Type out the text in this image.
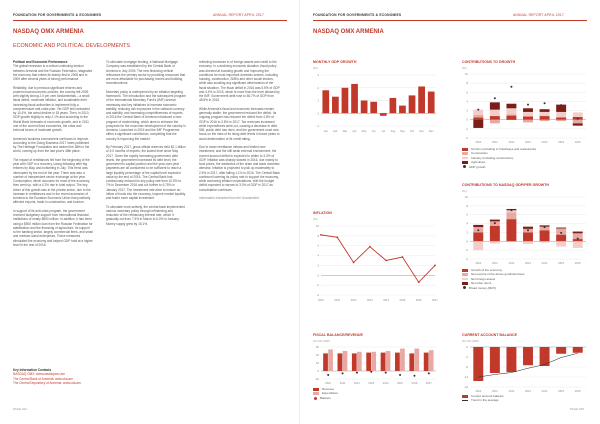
FOUNDATION FOR GOVERNMENTS & ECONOMIES	ANNUAL REPORT APRIL 2017
NASDAQ OMX ARMENIA
ECONOMIC AND POLITICAL DEVELOPMENTS

Political and Economic Performance
The global recession is a critical continuing tension between Armenia and the Russian Federation, stagnated the economy that enters its twenty-first in 2008 and in 2009 after several years of strong performance.

Reliability, due to previous significant reforms and prudent macroeconomic policies, the country left 2009 with slightly strong 2.9 per cent fundamentals – a small fiscal deficit, moderate inflation, and sustainable debt increasing fiscal authorities to implement fully a comprehensive anti-crisis plan. Yet GDP still contracted by 14.4%, the worst decline in 18 years. Then, in 2010, GDP growth slightly to only 2.1% and according to the World Bank forecasts of economic growth, and in 2011 one of the current fixed economies, the crisis and external forces of moderate growth.

Armenia’s business environment continues to improve. According to the Doing Business 2017 index published by The Heritage Foundation and ranked the 38th in the world, coming up from the last year’s 48th place.

The impact of remittances fell from the beginning of the year with GDP in a recovery, losing following after big reforms by May, and bottoming in July. This trend was interrupted by the end of the year. There was also a number of independent sector exchange at the year. Consumption, which accounts for most of the economy, then went up, with a 4.3% rise in total output. The key driver of this growth was in the private sector, due to the increase in remittances and in the recent accession of Armenia to the Eurasian Economic Union that positively affected exports, trade in construction, and tourism.

In support of its anti-crisis program, the government received budgetary support from international financial institutions of nearly $850 million. In addition, it has been using a $500 million loan from the Russian Federation for stabilization and the financing of agriculture. Its support to the banking sector, largely commercial firms, and small and medium-sized enterprises. These measures stimulated the economy and helped GDP hold at a higher level in the rest of 2016.

To stimulate mortgage lending, a National Mortgage Company was established by the Central Bank of Armenia in July 2009. The new financing vehicle refinances the primary sector by providing resources that are more affordable for purchasing homes and building reconstructions.

Monetary policy is underpinned by an inflation targeting framework. The introduction and the subsequent program of the International Monetary Fund’s (IMF) several necessary and key initiatives to increase economic stability, reducing risk exposures in the national currency and stability, and increasing competitiveness of exports. In 2016 the Central Bank of Armenia introduced a new program of modernizing, which aims to enhance the prospects for the economic development of the country in Armenia. Launched in 2016 and the IMF Programme offers a significant contribution, completing that the country is improving the market.

By February 2017, gross official reserves held $2.1 billion or 5.0 months of imports, the lowest level since May 2017. Given the rapidly increasing government debt levels, the government increased its debt level, the government’s capital position and the year-over-year payments are all considered to be sufficient to reach a large liquidity percentage of the capital level expected value by the end of 2016. The Central Bank has continuously reduced its key policy rate from 10.5% to 7% in December 2016 and cut further to 6.75% in January 2017. The investment rate aims to ensure an inflow of funds into the economy, improve market liquidity and foster more capital investment.

To stimulate more actively, the central bank implemented various monetary policy through refinancing and reduction of the refinancing interest rate, which it gradually cut from 7.5% in March to 6.0% in January. Money supply grew by 16.1%.

reflecting increases in of foreign assets and credit to the economy. In a declining economic situation, fiscal policy was directed at boosting growth and improving the conditions for most important domestic sectors, including housing, construction, SMEs and other social sectors, while also avoiding any significant deterioration of the fiscal situation. The fiscal deficit in 2016 was 5.5% of GDP and 4.4% in 2015, which is more than the level allowed by the IMF. Government debt rose to 56.7% of GDP from 48.8% in 2015.

While Armenia’s fiscal and economic forecasts remain generally stable, the government reduced the deficit. Its ongoing program has reduced the deficit from 4.8% of GDP in 2016 to 2.8% in 2017. Tax revenues increased while expenditures were cut, causing a decrease in debt. Still, public debt has risen, and the government must now focus on the risks of its rising debt levels in future years to avoid deterioration of its credit rating.

Due to lower remittance inflows and limited new investment, and the still weak external environment, the current account deficit is expected to widen to 3.3% of GDP. Inflation was sharply slowed in 2016, due mainly to food prices, the weakness of the dram and slack domestic demand. Inflation is projected to pick up moderately to 2.5% in 2017, after falling 1.1% in 2016. The Central Bank continued lowering its policy rate to support the economy, while anchoring inflation expectations, with the budget deficit expected to narrow to 3.0% of GDP in 2017 as consolidation continues.

Information extracted from the Grantseeker.

Key Information Contacts
NASDAQ OMX: www.nasdaqomx.am
The Central Bank of Armenia: www.cba.am
The Central Depository of Armenia: www.cda.am
PAGE 024
FOUNDATION FOR GOVERNMENTS & ECONOMIES	ANNUAL REPORT APRIL 2017
NASDAQ OMX ARMENIA
MONTHLY GDP GROWTH
(%)
-1
0
1
2
3
Jan Feb Mar Apr May Jun Jul Aug Sep Oct Nov Dec
INFLATION
(%)
-4
-2
0
2
4
6
8
10
2010	2011	2012	2013	2014	2015	2016	2017
FISCAL BALANCE/REVENUE
(% OF GDP)
-10
0
10
20
30
2010	2011	2012	2013	2014	2015	2016	2017
Revenue
Expenditure
Balance
CONTRIBUTIONS TO GROWTH
(%)
-4
-2
0
2
4
6
8
10
2010	2011	2012	2013	2014	2015	2016
Tourism (including in hotel/ways and restaurants)
Construction
Industry (including construction)
Agriculture
GDP growth
CONTRIBUTIONS TO NASDAQ GDP/PER GROWTH
(%)
-4
-2
0
2
4
6
8
10
2010	2011	2012	2013	2014	2015	2016
Growth of the economy
Net exports of the above goods/services
Net foreign assets
Net other items
Broad money (M2X)
CURRENT ACCOUNT BALANCE
(% OF GDP)
-16
-12
-8
-4
0
2010	2011	2012	2013	2014	2015	2016
Current account balance
Trend in the average
PAGE 025
